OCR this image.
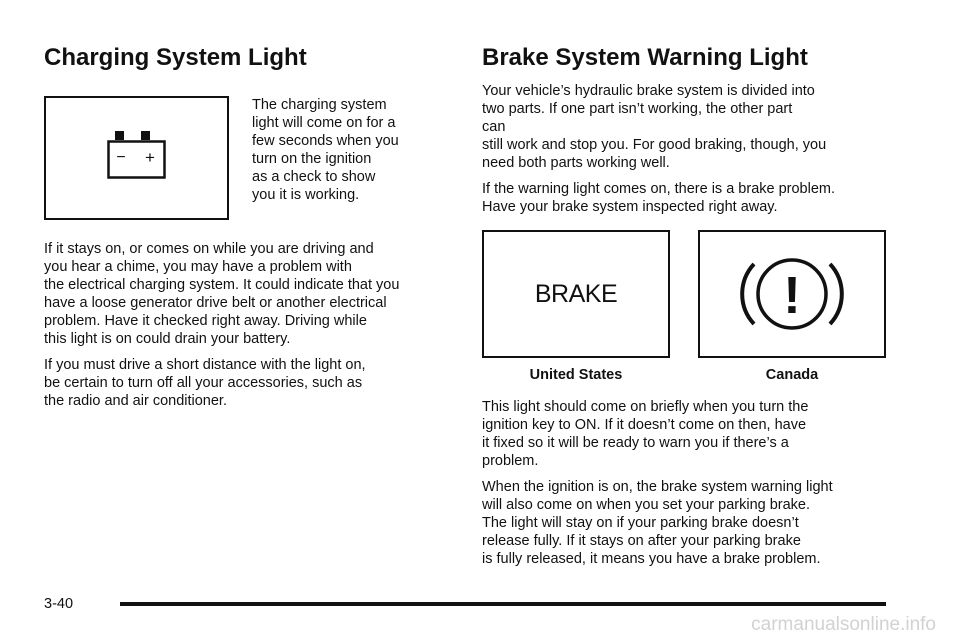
Charging System Light
− +

The charging system
light will come on for a
few seconds when you
turn on the ignition
as a check to show
you it is working.

If it stays on, or comes on while you are driving and
you hear a chime, you may have a problem with
the electrical charging system. It could indicate that you
have a loose generator drive belt or another electrical
problem. Have it checked right away. Driving while
this light is on could drain your battery.

If you must drive a short distance with the light on,
be certain to turn off all your accessories, such as
the radio and air conditioner.

Brake System Warning Light

Your vehicle’s hydraulic brake system is divided into
two parts. If one part isn’t working, the other part
can
still work and stop you. For good braking, though, you
need both parts working well.

If the warning light comes on, there is a brake problem.
Have your brake system inspected right away.

BRAKE
United States
!
Canada

This light should come on briefly when you turn the
ignition key to ON. If it doesn’t come on then, have
it fixed so it will be ready to warn you if there’s a
problem.

When the ignition is on, the brake system warning light
will also come on when you set your parking brake.
The light will stay on if your parking brake doesn’t
release fully. If it stays on after your parking brake
is fully released, it means you have a brake problem.

3-40
carmanualsonline.info
